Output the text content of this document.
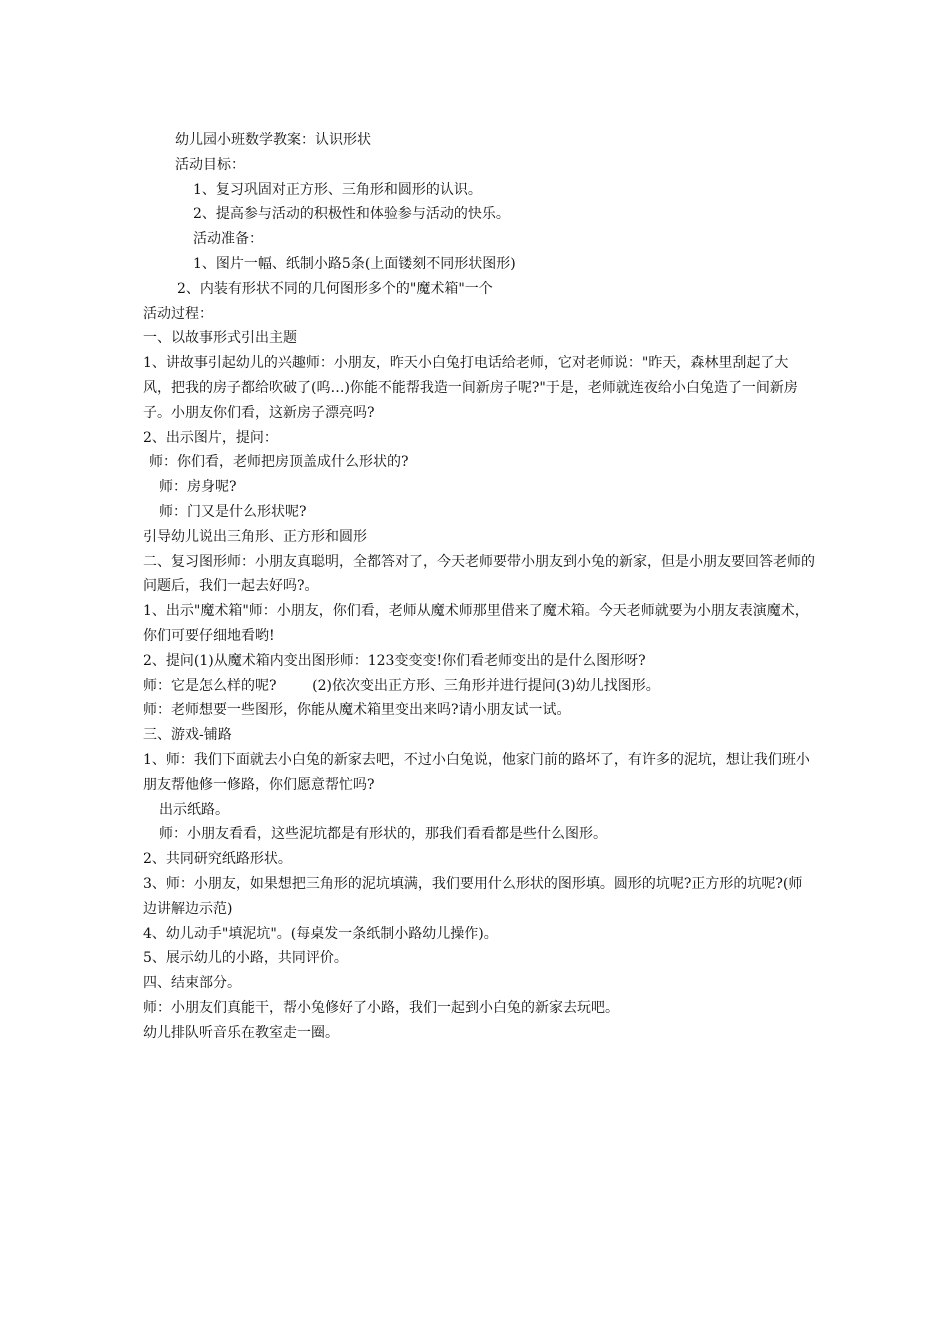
幼儿园小班数学教案：认识形状
活动目标：
1、复习巩固对正方形、三角形和圆形的认识。
2、提高参与活动的积极性和体验参与活动的快乐。
活动准备：
1、图片一幅、纸制小路5条(上面镂刻不同形状图形)
2、内装有形状不同的几何图形多个的"魔术箱"一个
活动过程：
一、以故事形式引出主题
1、讲故事引起幼儿的兴趣师：小朋友，昨天小白兔打电话给老师，它对老师说："昨天，森林里刮起了大风，把我的房子都给吹破了(呜…)你能不能帮我造一间新房子呢?"于是，老师就连夜给小白兔造了一间新房子。小朋友你们看，这新房子漂亮吗?
2、出示图片，提问：
师：你们看，老师把房顶盖成什么形状的?
师：房身呢?
师：门又是什么形状呢?
引导幼儿说出三角形、正方形和圆形
二、复习图形师：小朋友真聪明，全都答对了，今天老师要带小朋友到小兔的新家，但是小朋友要回答老师的问题后，我们一起去好吗?。
1、出示"魔术箱"师：小朋友，你们看，老师从魔术师那里借来了魔术箱。今天老师就要为小朋友表演魔术，你们可要仔细地看哟!
2、提问(1)从魔术箱内变出图形师：123变变变!你们看老师变出的是什么图形呀?
师：它是怎么样的呢?        (2)依次变出正方形、三角形并进行提问(3)幼儿找图形。
师：老师想要一些图形，你能从魔术箱里变出来吗?请小朋友试一试。
三、游戏-铺路
1、师：我们下面就去小白兔的新家去吧，不过小白兔说，他家门前的路坏了，有许多的泥坑，想让我们班小朋友帮他修一修路，你们愿意帮忙吗?
出示纸路。
师：小朋友看看，这些泥坑都是有形状的，那我们看看都是些什么图形。
2、共同研究纸路形状。
3、师：小朋友，如果想把三角形的泥坑填满，我们要用什么形状的图形填。圆形的坑呢?正方形的坑呢?(师边讲解边示范)
4、幼儿动手"填泥坑"。(每桌发一条纸制小路幼儿操作)。
5、展示幼儿的小路，共同评价。
四、结束部分。
师：小朋友们真能干，帮小兔修好了小路，我们一起到小白兔的新家去玩吧。
幼儿排队听音乐在教室走一圈。
